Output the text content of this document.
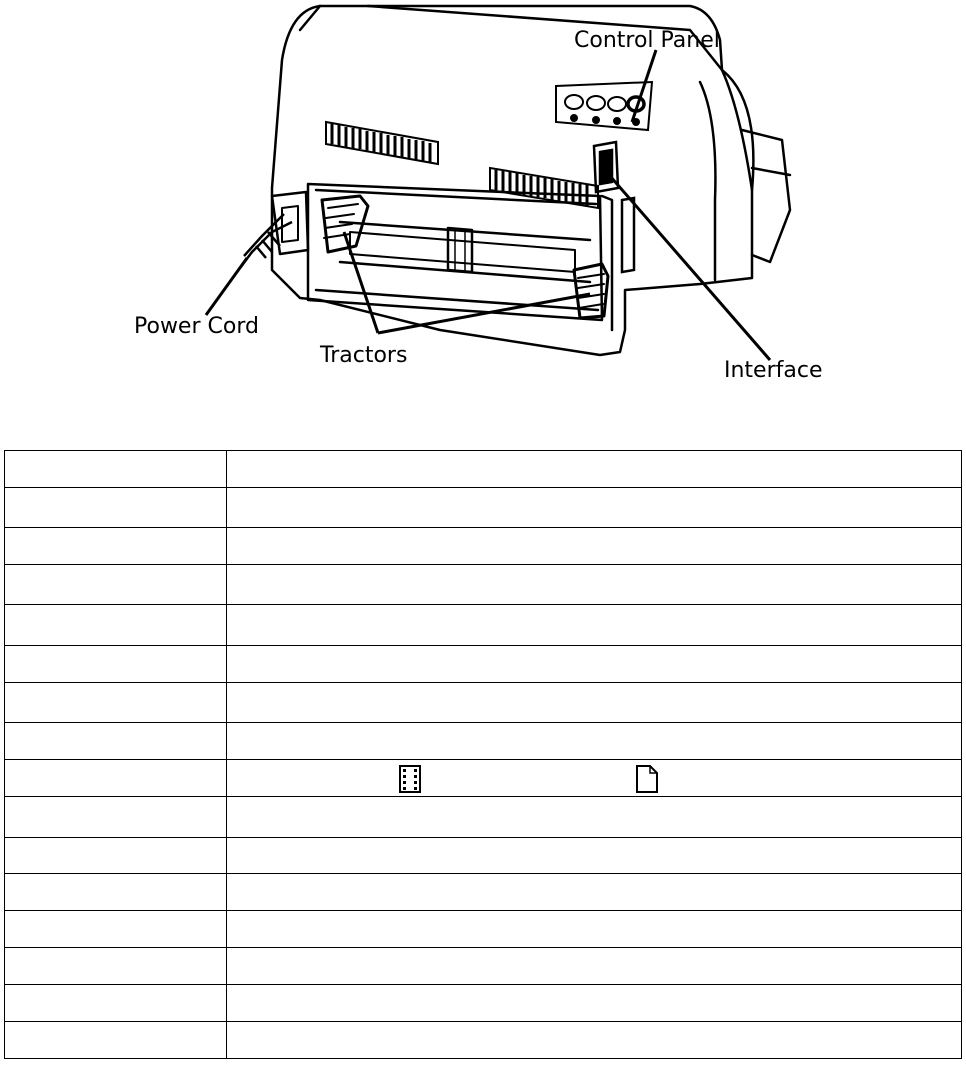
Control Panel
Power Cord
Tractors
Interface
